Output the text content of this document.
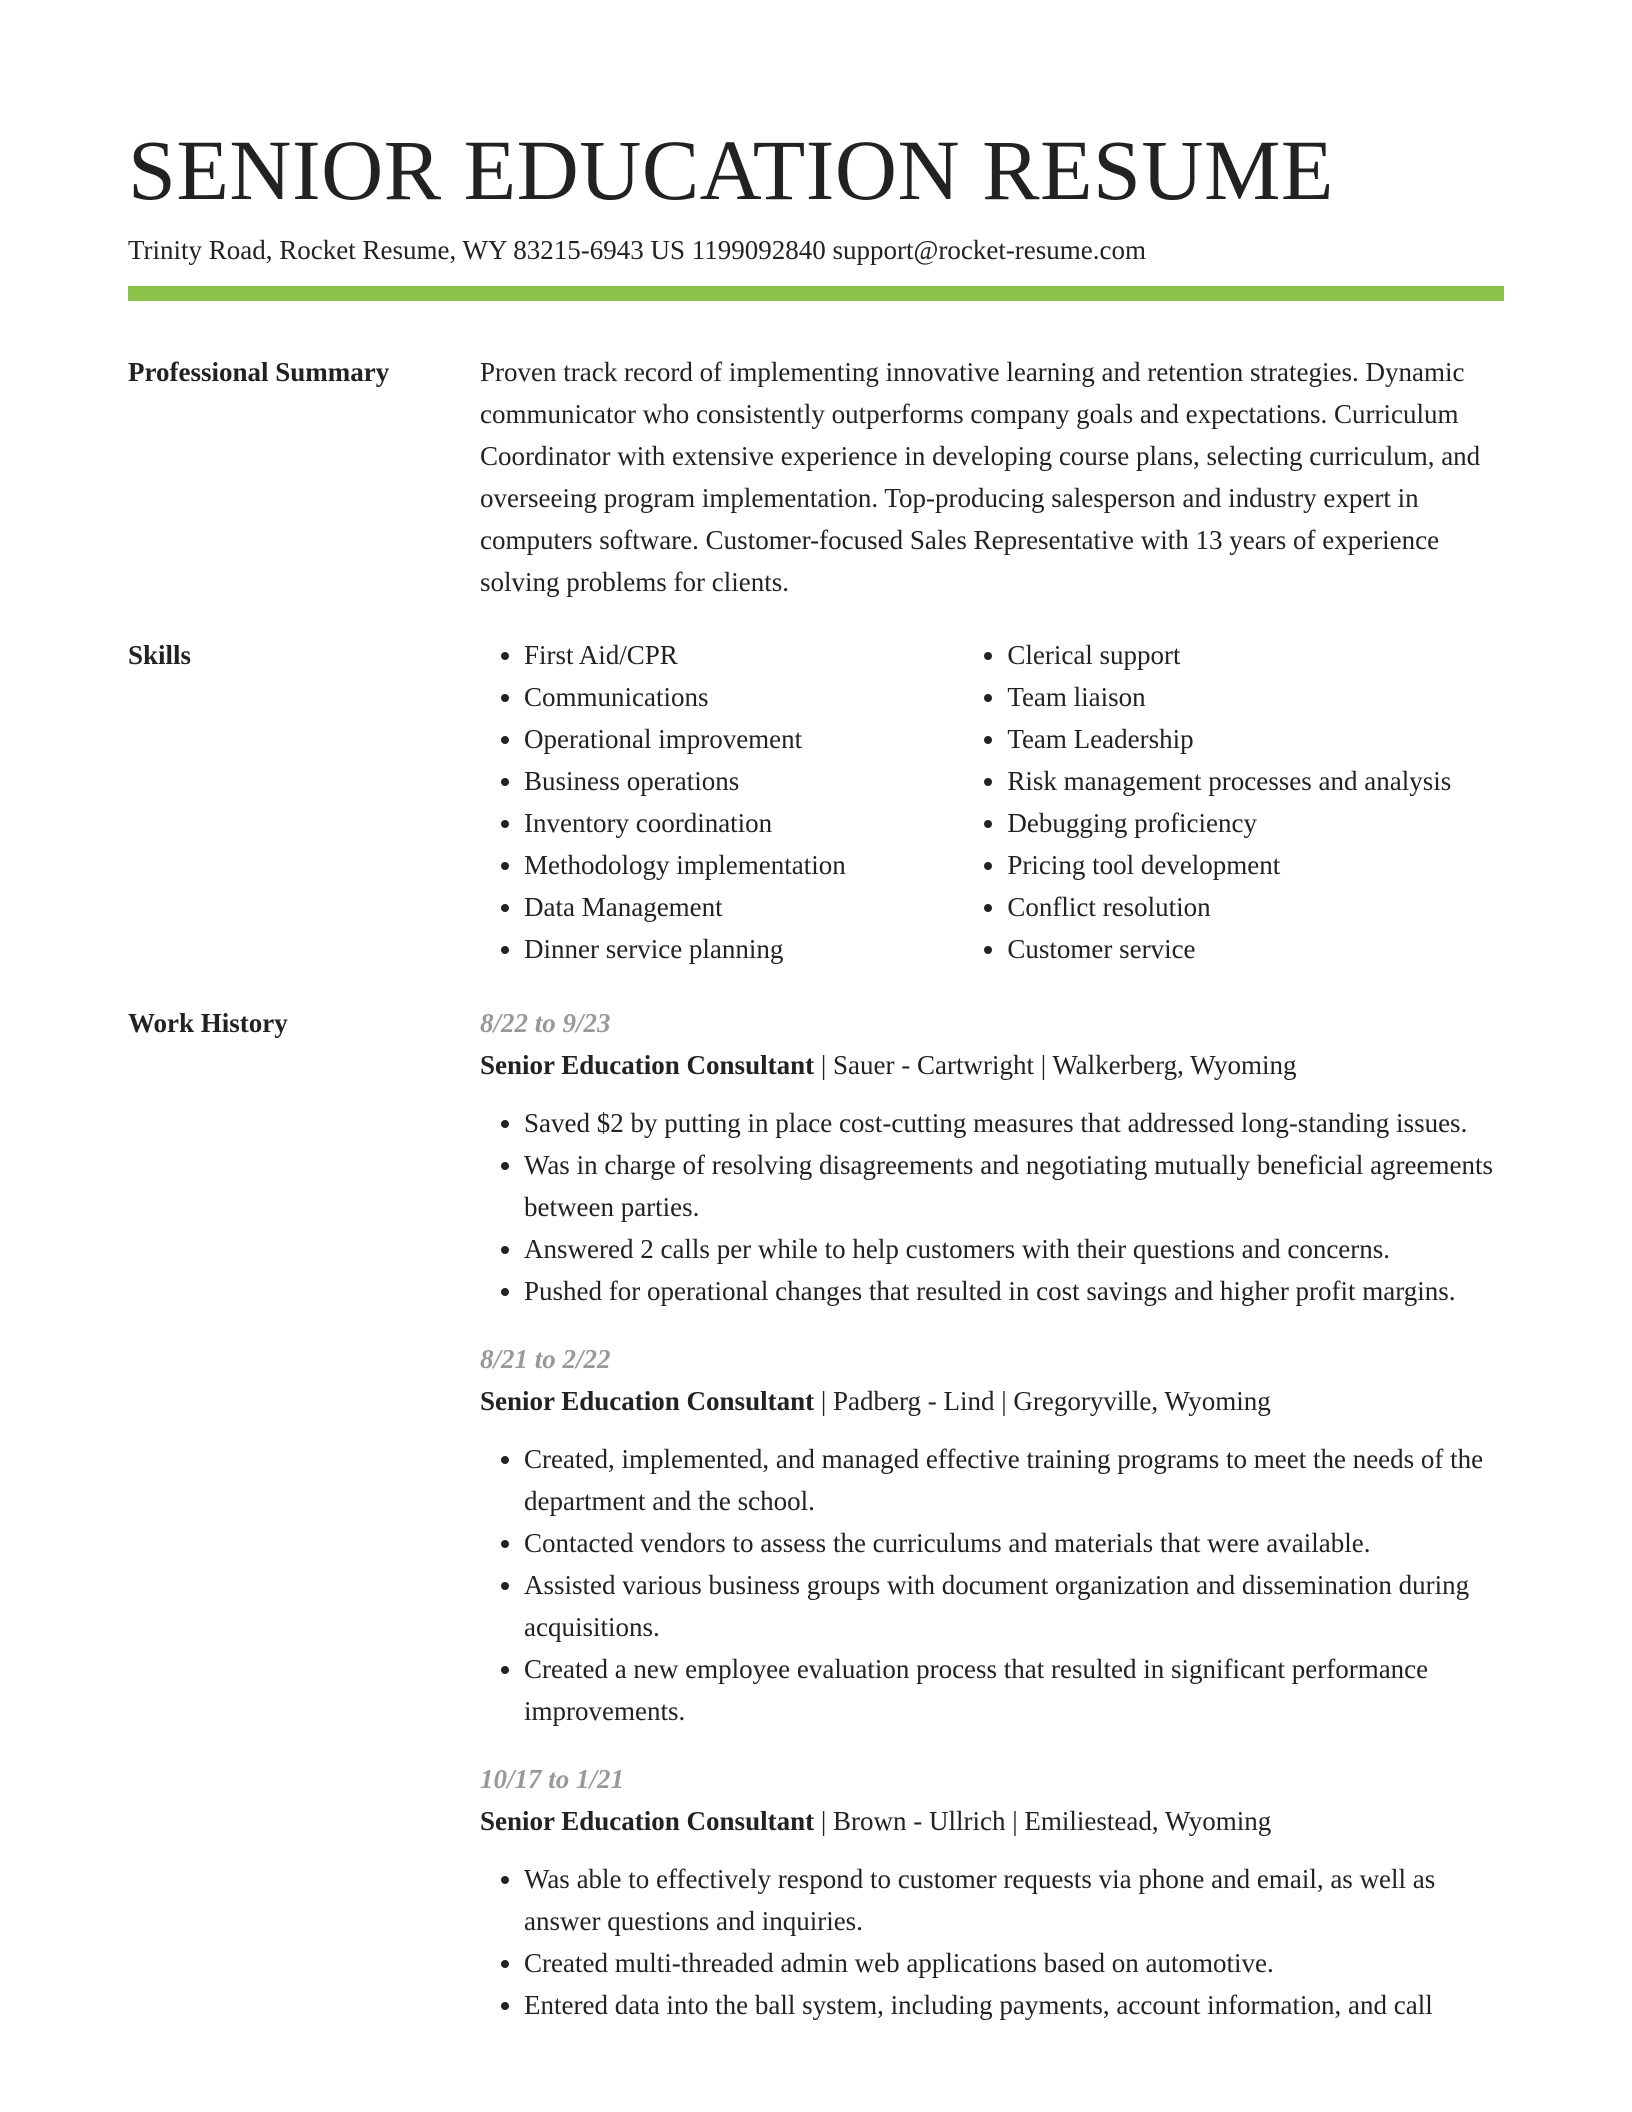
SENIOR EDUCATION RESUME
Trinity Road, Rocket Resume, WY 83215-6943 US 1199092840 support@rocket-resume.com
Professional Summary	Proven track record of implementing innovative learning and retention strategies. Dynamic communicator who consistently outperforms company goals and expectations. Curriculum Coordinator with extensive experience in developing course plans, selecting curriculum, and overseeing program implementation. Top-producing salesperson and industry expert in computers software. Customer-focused Sales Representative with 13 years of experience solving problems for clients.

Skills
•	First Aid/CPR
• Communications
• Operational improvement
• Business operations
• Inventory coordination
• Methodology implementation
• Data Management
• Dinner service planning
• Clerical support
• Team liaison
• Team Leadership
• Risk management processes and analysis
• Debugging proficiency
• Pricing tool development
• Conflict resolution
• Customer service
Work History	8/22 to 9/23
Senior Education Consultant | Sauer - Cartwright | Walkerberg, Wyoming
• Saved $2 by putting in place cost-cutting measures that addressed long-standing issues.
• Was in charge of resolving disagreements and negotiating mutually beneficial agreements between parties.
• Answered 2 calls per while to help customers with their questions and concerns.
• Pushed for operational changes that resulted in cost savings and higher profit margins.
8/21 to 2/22
Senior Education Consultant | Padberg - Lind | Gregoryville, Wyoming
• Created, implemented, and managed effective training programs to meet the needs of the department and the school.
• Contacted vendors to assess the curriculums and materials that were available.
• Assisted various business groups with document organization and dissemination during acquisitions.
• Created a new employee evaluation process that resulted in significant performance improvements.
10/17 to 1/21
Senior Education Consultant | Brown - Ullrich | Emiliestead, Wyoming
• Was able to effectively respond to customer requests via phone and email, as well as answer questions and inquiries.
• Created multi-threaded admin web applications based on automotive.
• Entered data into the ball system, including payments, account information, and call
